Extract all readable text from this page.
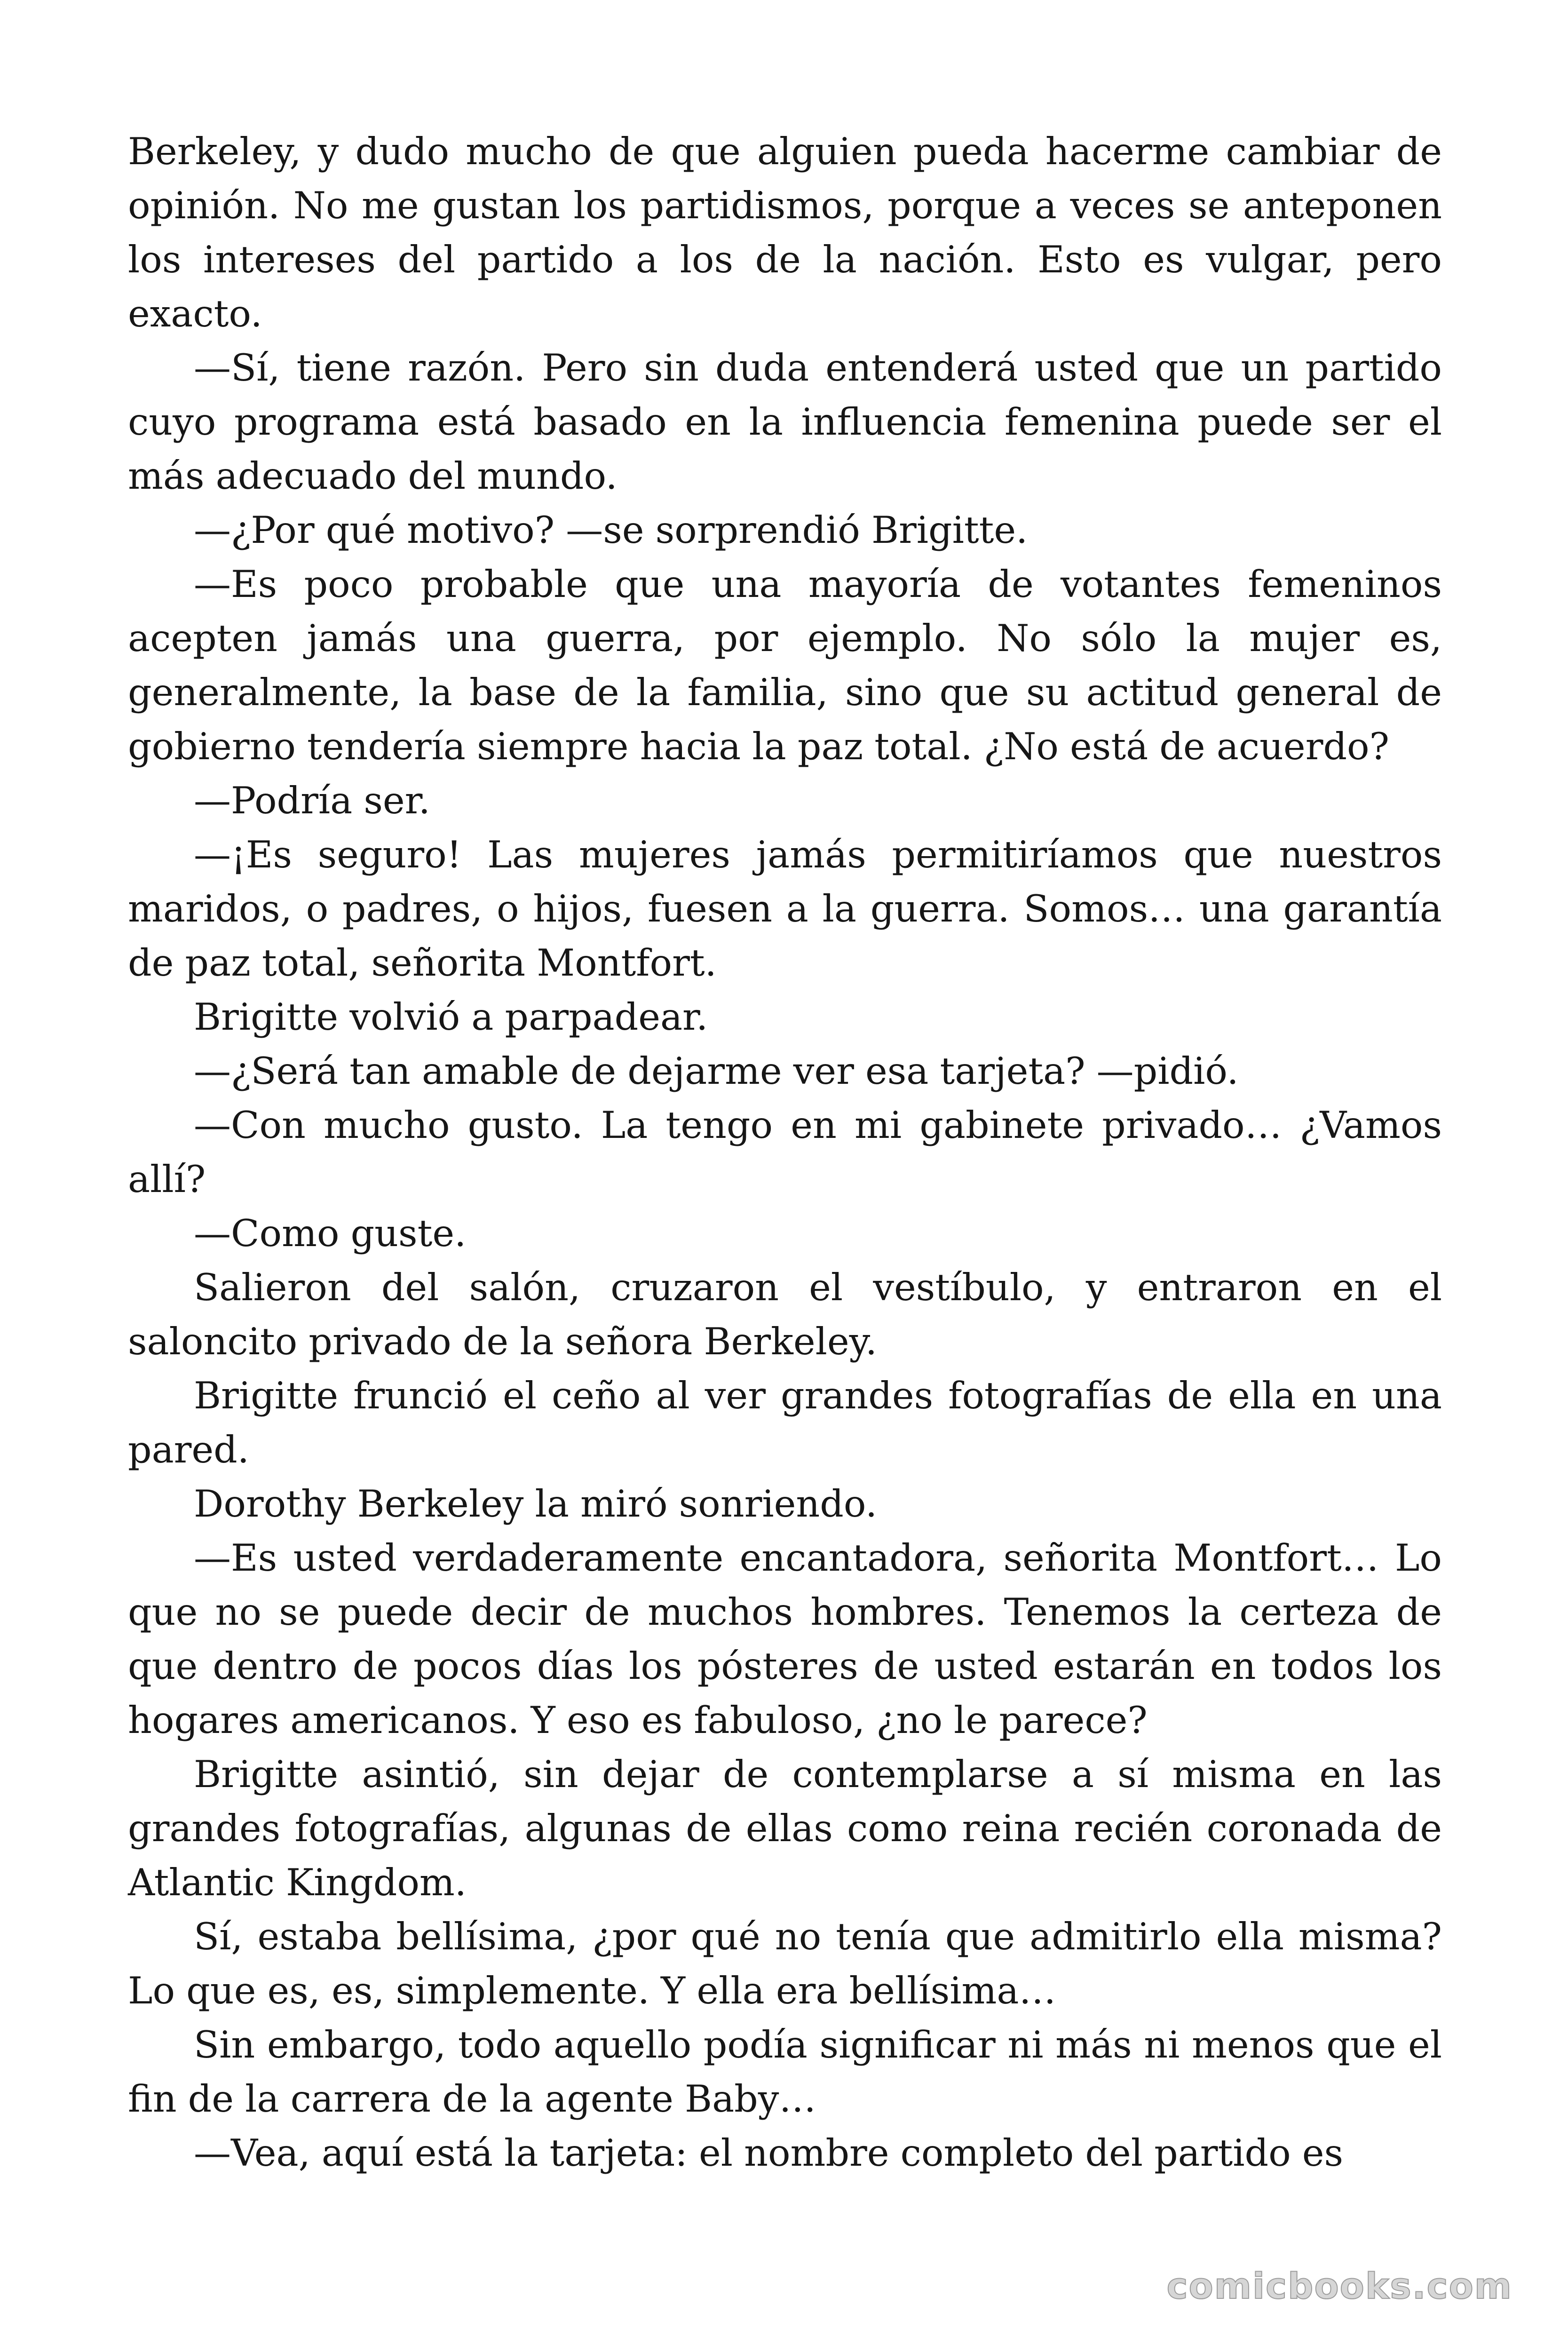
Berkeley, y dudo mucho de que alguien pueda hacerme cambiar de opinión. No me gustan los partidismos, porque a veces se anteponen los intereses del partido a los de la nación. Esto es vulgar, pero exacto.

—Sí, tiene razón. Pero sin duda entenderá usted que un partido cuyo programa está basado en la influencia femenina puede ser el más adecuado del mundo.

—¿Por qué motivo? —se sorprendió Brigitte.

—Es poco probable que una mayoría de votantes femeninos acepten jamás una guerra, por ejemplo. No sólo la mujer es, generalmente, la base de la familia, sino que su actitud general de gobierno tendería siempre hacia la paz total. ¿No está de acuerdo?

—Podría ser.

—¡Es seguro! Las mujeres jamás permitiríamos que nuestros maridos, o padres, o hijos, fuesen a la guerra. Somos… una garantía de paz total, señorita Montfort.

Brigitte volvió a parpadear.

—¿Será tan amable de dejarme ver esa tarjeta? —pidió.

—Con mucho gusto. La tengo en mi gabinete privado… ¿Vamos allí?

—Como guste.

Salieron del salón, cruzaron el vestíbulo, y entraron en el saloncito privado de la señora Berkeley.

Brigitte frunció el ceño al ver grandes fotografías de ella en una pared.

Dorothy Berkeley la miró sonriendo.

—Es usted verdaderamente encantadora, señorita Montfort… Lo que no se puede decir de muchos hombres. Tenemos la certeza de que dentro de pocos días los pósteres de usted estarán en todos los hogares americanos. Y eso es fabuloso, ¿no le parece?

Brigitte asintió, sin dejar de contemplarse a sí misma en las grandes fotografías, algunas de ellas como reina recién coronada de Atlantic Kingdom.

Sí, estaba bellísima, ¿por qué no tenía que admitirlo ella misma? Lo que es, es, simplemente. Y ella era bellísima…

Sin embargo, todo aquello podía significar ni más ni menos que el fin de la carrera de la agente Baby…

—Vea, aquí está la tarjeta: el nombre completo del partido es

comicbooks.com
